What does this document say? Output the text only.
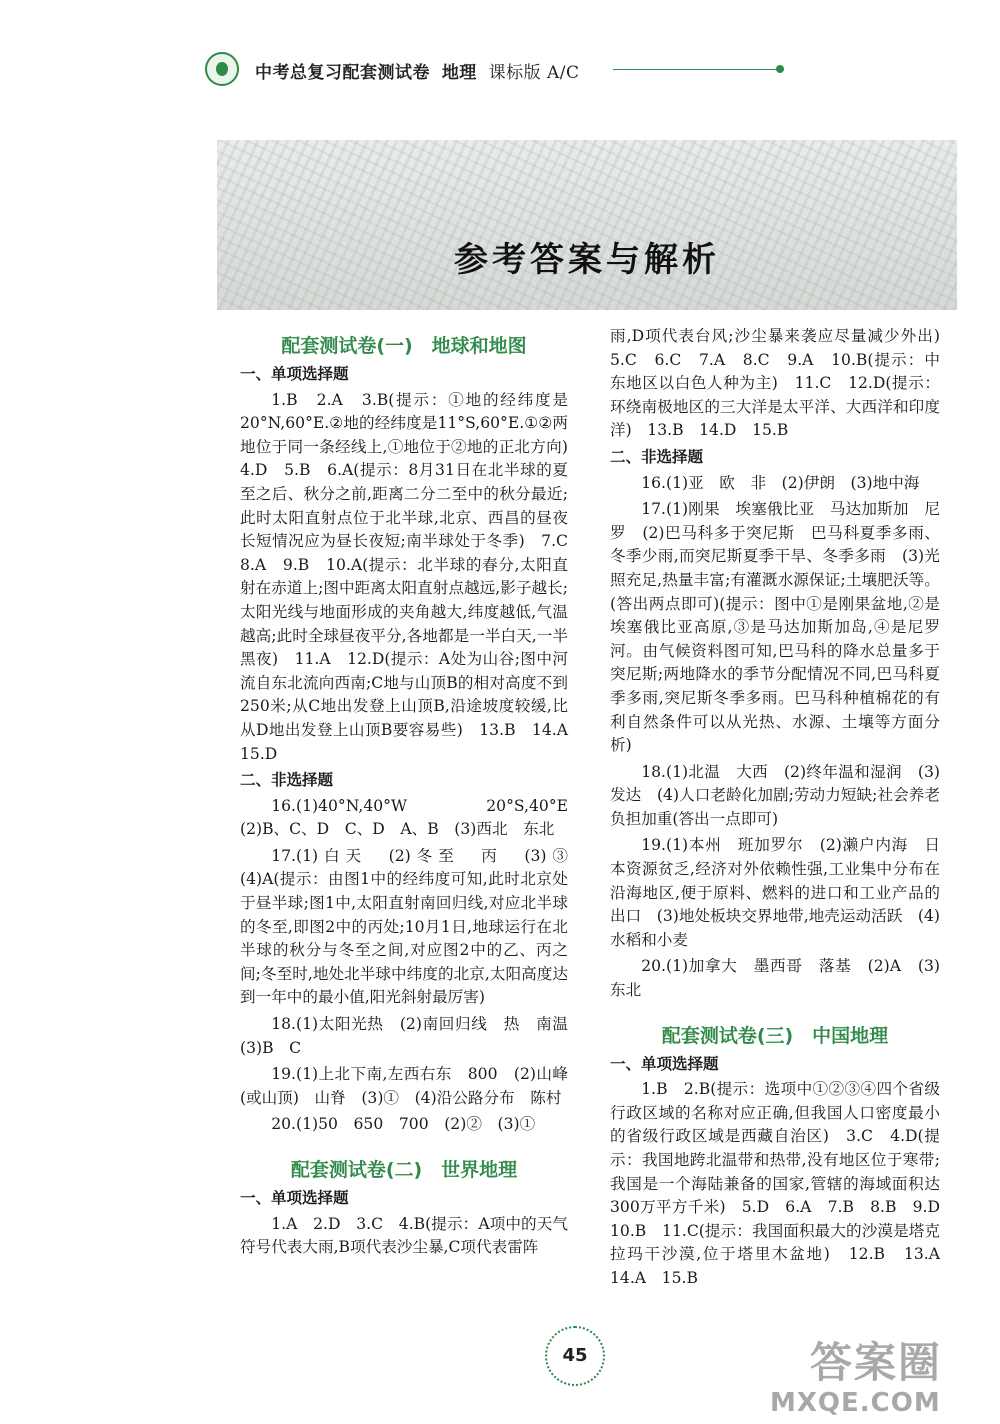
中考总复习配套测试卷 地理 课标版 A/C
参考答案与解析
配套测试卷(一)　地球和地图
一、单项选择题

1.B　2.A　3.B(提示：①地的经纬度是20°N,60°E.②地的经纬度是11°S,60°E.①②两地位于同一条经线上,①地位于②地的正北方向)　4.D　5.B　6.A(提示：8月31日在北半球的夏至之后、秋分之前,距离二分二至中的秋分最近;此时太阳直射点位于北半球,北京、西昌的昼夜长短情况应为昼长夜短;南半球处于冬季)　7.C　8.A　9.B　10.A(提示：北半球的春分,太阳直射在赤道上;图中距离太阳直射点越远,影子越长;太阳光线与地面形成的夹角越大,纬度越低,气温越高;此时全球昼夜平分,各地都是一半白天,一半黑夜)　11.A　12.D(提示：A处为山谷;图中河流自东北流向西南;C地与山顶B的相对高度不到250米;从C地出发登上山顶B,沿途坡度较缓,比从D地出发登上山顶B要容易些)　13.B　14.A　15.D

二、非选择题

16.(1)40°N,40°W　20°S,40°E　(2)B、C、D　C、D　A、B　(3)西北　东北

17.(1)白天　(2)冬至　丙　(3)③　(4)A(提示：由图1中的经纬度可知,此时北京处于昼半球;图1中,太阳直射南回归线,对应北半球的冬至,即图2中的丙处;10月1日,地球运行在北半球的秋分与冬至之间,对应图2中的乙、丙之间;冬至时,地处北半球中纬度的北京,太阳高度达到一年中的最小值,阳光斜射最厉害)

18.(1)太阳光热　(2)南回归线　热　南温　(3)B　C

19.(1)上北下南,左西右东　800　(2)山峰(或山顶)　山脊　(3)①　(4)沿公路分布　陈村

20.(1)50　650　700　(2)②　(3)①

配套测试卷(二)　世界地理
一、单项选择题

1.A　2.D　3.C　4.B(提示：A项中的天气符号代表大雨,B项代表沙尘暴,C项代表雷阵

雨,D项代表台风;沙尘暴来袭应尽量减少外出)　5.C　6.C　7.A　8.C　9.A　10.B(提示：中东地区以白色人种为主)　11.C　12.D(提示：环绕南极地区的三大洋是太平洋、大西洋和印度洋)　13.B　14.D　15.B

二、非选择题

16.(1)亚　欧　非　(2)伊朗　(3)地中海

17.(1)刚果　埃塞俄比亚　马达加斯加　尼罗　(2)巴马科多于突尼斯　巴马科夏季多雨、冬季少雨,而突尼斯夏季干旱、冬季多雨　(3)光照充足,热量丰富;有灌溉水源保证;土壤肥沃等。(答出两点即可)(提示：图中①是刚果盆地,②是埃塞俄比亚高原,③是马达加斯加岛,④是尼罗河。由气候资料图可知,巴马科的降水总量多于突尼斯;两地降水的季节分配情况不同,巴马科夏季多雨,突尼斯冬季多雨。巴马科种植棉花的有利自然条件可以从光热、水源、土壤等方面分析)

18.(1)北温　大西　(2)终年温和湿润　(3)发达　(4)人口老龄化加剧;劳动力短缺;社会养老负担加重(答出一点即可)

19.(1)本州　班加罗尔　(2)濑户内海　日本资源贫乏,经济对外依赖性强,工业集中分布在沿海地区,便于原料、燃料的进口和工业产品的出口　(3)地处板块交界地带,地壳运动活跃　(4)水稻和小麦

20.(1)加拿大　墨西哥　落基　(2)A　(3)东北

配套测试卷(三)　中国地理
一、单项选择题

1.B　2.B(提示：选项中①②③④四个省级行政区域的名称对应正确,但我国人口密度最小的省级行政区域是西藏自治区)　3.C　4.D(提示：我国地跨北温带和热带,没有地区位于寒带;我国是一个海陆兼备的国家,管辖的海域面积达300万平方千米)　5.D　6.A　7.B　8.B　9.D　10.B　11.C(提示：我国面积最大的沙漠是塔克拉玛干沙漠,位于塔里木盆地)　12.B　13.A　14.A　15.B

45	答案圈
MXQE.COM
